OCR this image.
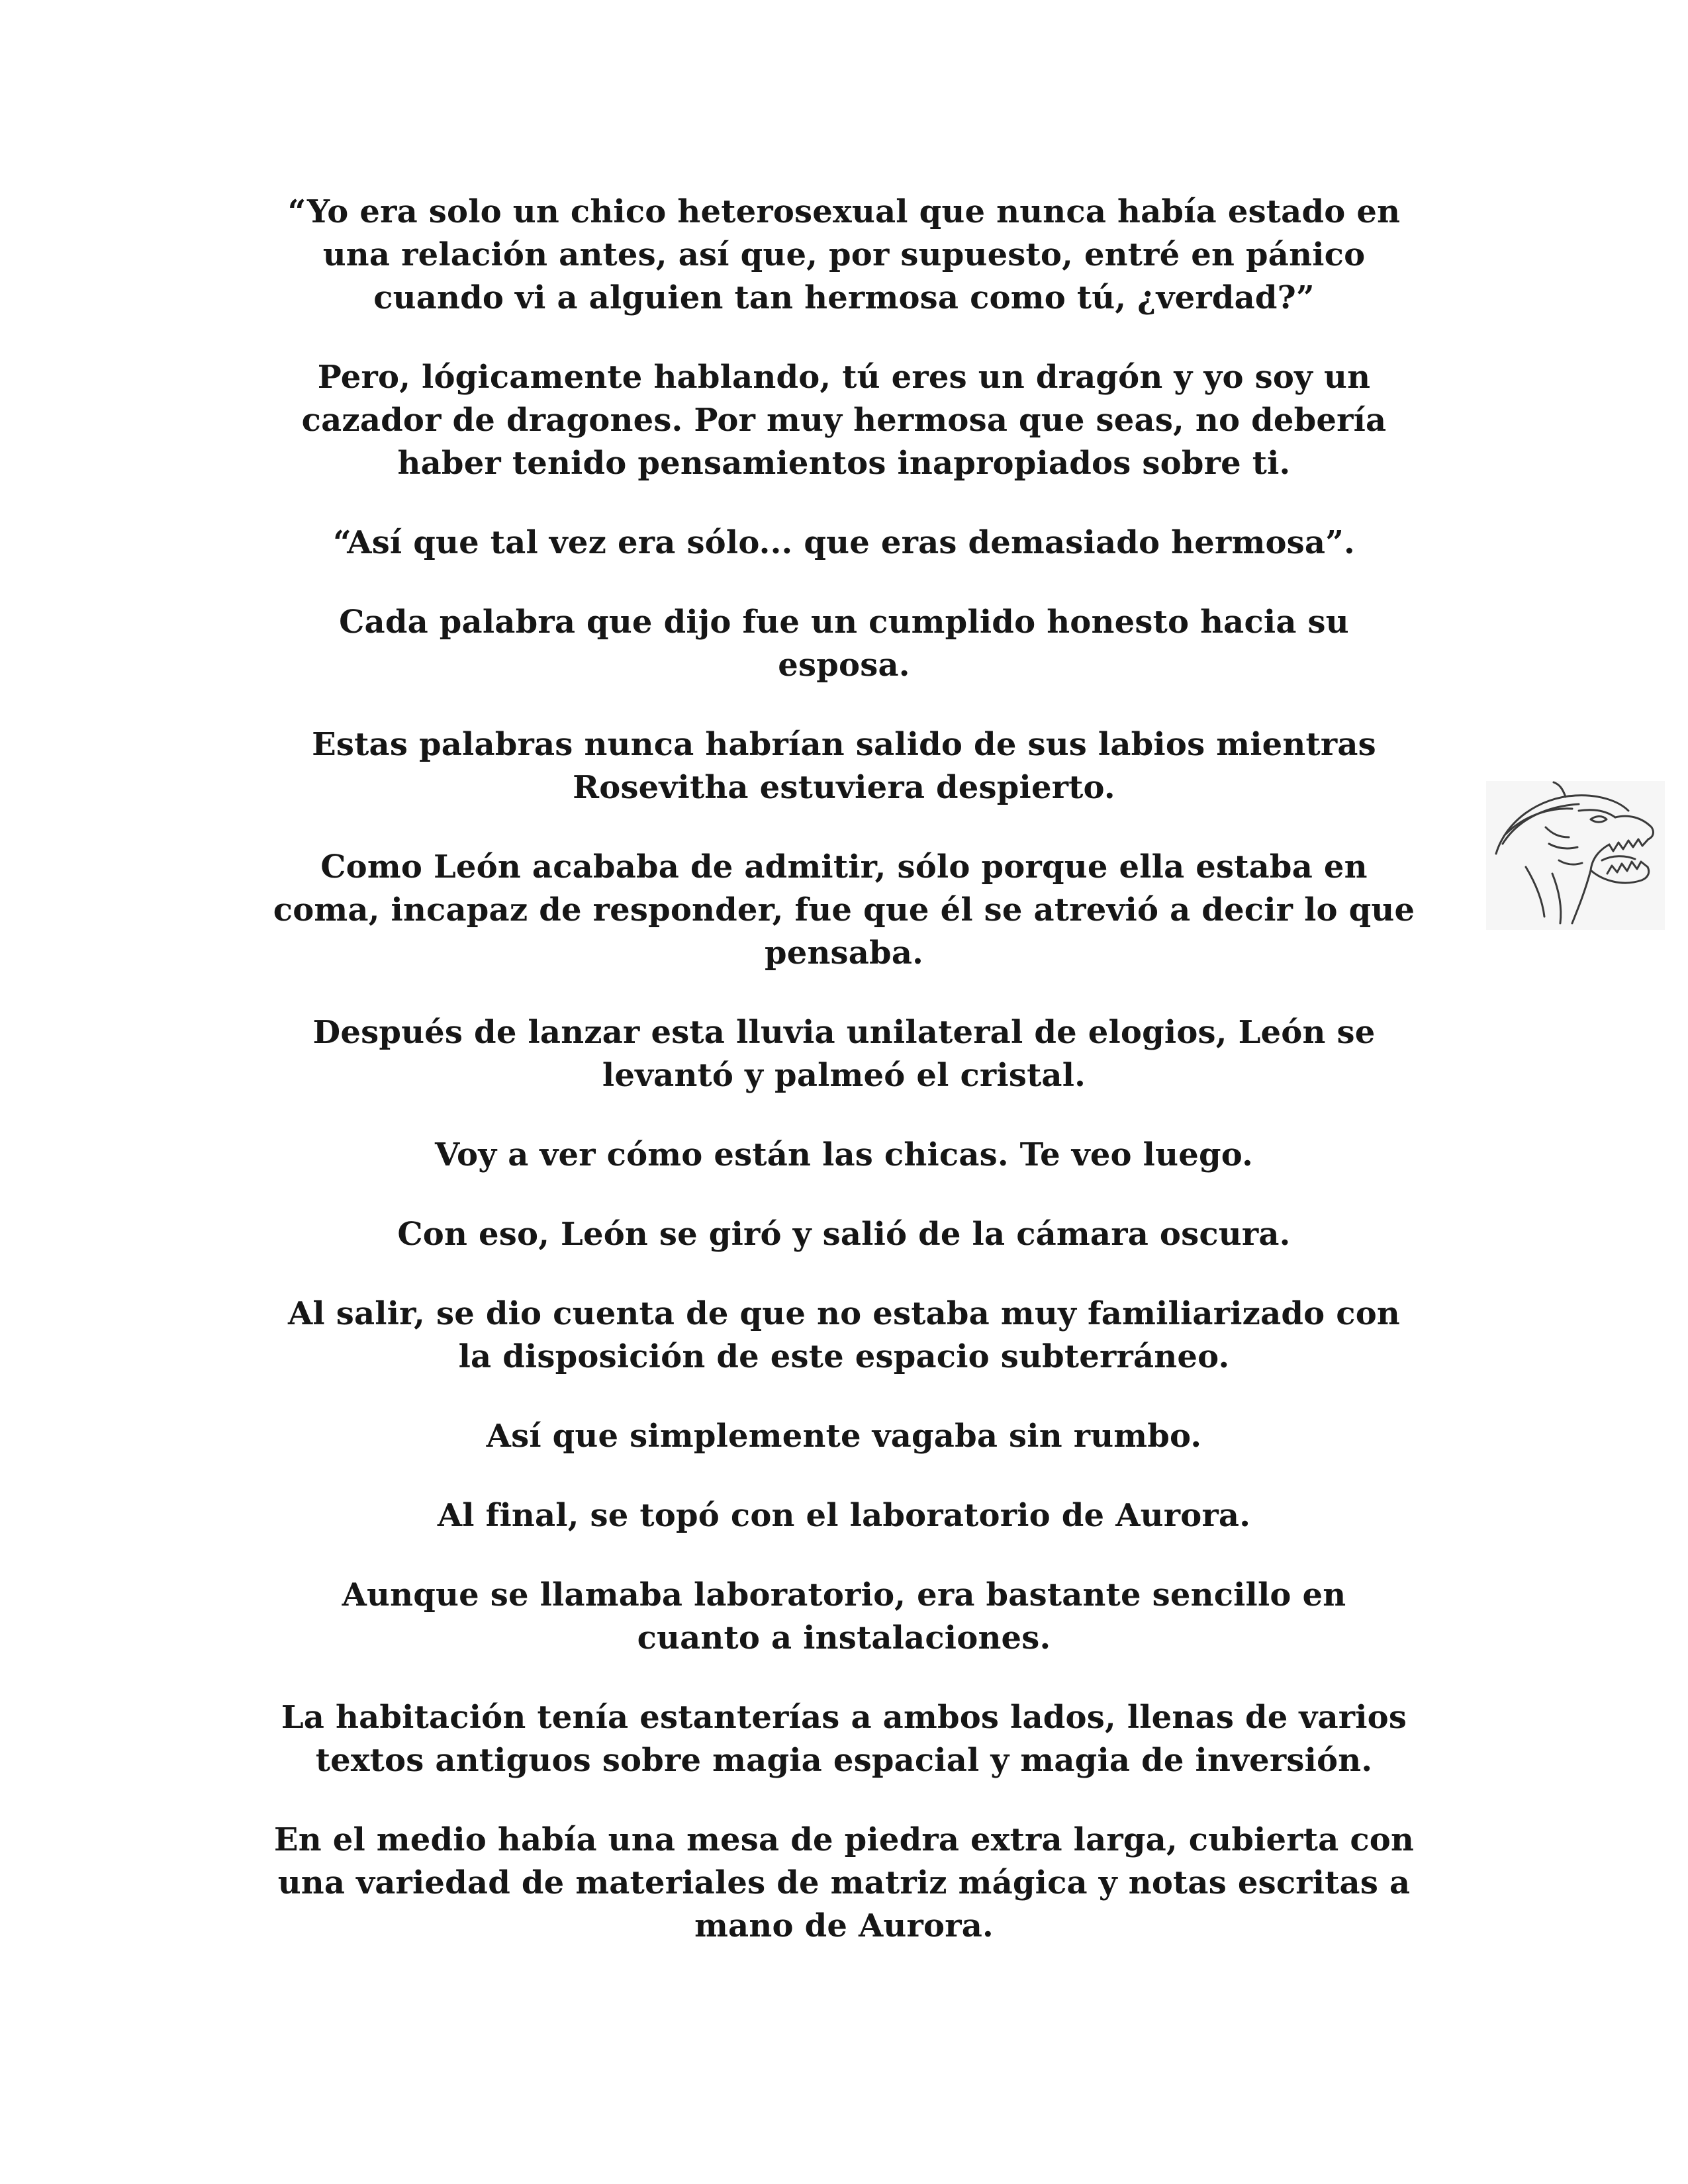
“Yo era solo un chico heterosexual que nunca había estado en
una relación antes, así que, por supuesto, entré en pánico
cuando vi a alguien tan hermosa como tú, ¿verdad?”

Pero, lógicamente hablando, tú eres un dragón y yo soy un
cazador de dragones. Por muy hermosa que seas, no debería
haber tenido pensamientos inapropiados sobre ti.

“Así que tal vez era sólo... que eras demasiado hermosa”.

Cada palabra que dijo fue un cumplido honesto hacia su
esposa.

Estas palabras nunca habrían salido de sus labios mientras
Rosevitha estuviera despierto.

Como León acababa de admitir, sólo porque ella estaba en
coma, incapaz de responder, fue que él se atrevió a decir lo que
pensaba.

Después de lanzar esta lluvia unilateral de elogios, León se
levantó y palmeó el cristal.

Voy a ver cómo están las chicas. Te veo luego.

Con eso, León se giró y salió de la cámara oscura.

Al salir, se dio cuenta de que no estaba muy familiarizado con
la disposición de este espacio subterráneo.

Así que simplemente vagaba sin rumbo.

Al final, se topó con el laboratorio de Aurora.

Aunque se llamaba laboratorio, era bastante sencillo en
cuanto a instalaciones.

La habitación tenía estanterías a ambos lados, llenas de varios
textos antiguos sobre magia espacial y magia de inversión.

En el medio había una mesa de piedra extra larga, cubierta con
una variedad de materiales de matriz mágica y notas escritas a
mano de Aurora.
